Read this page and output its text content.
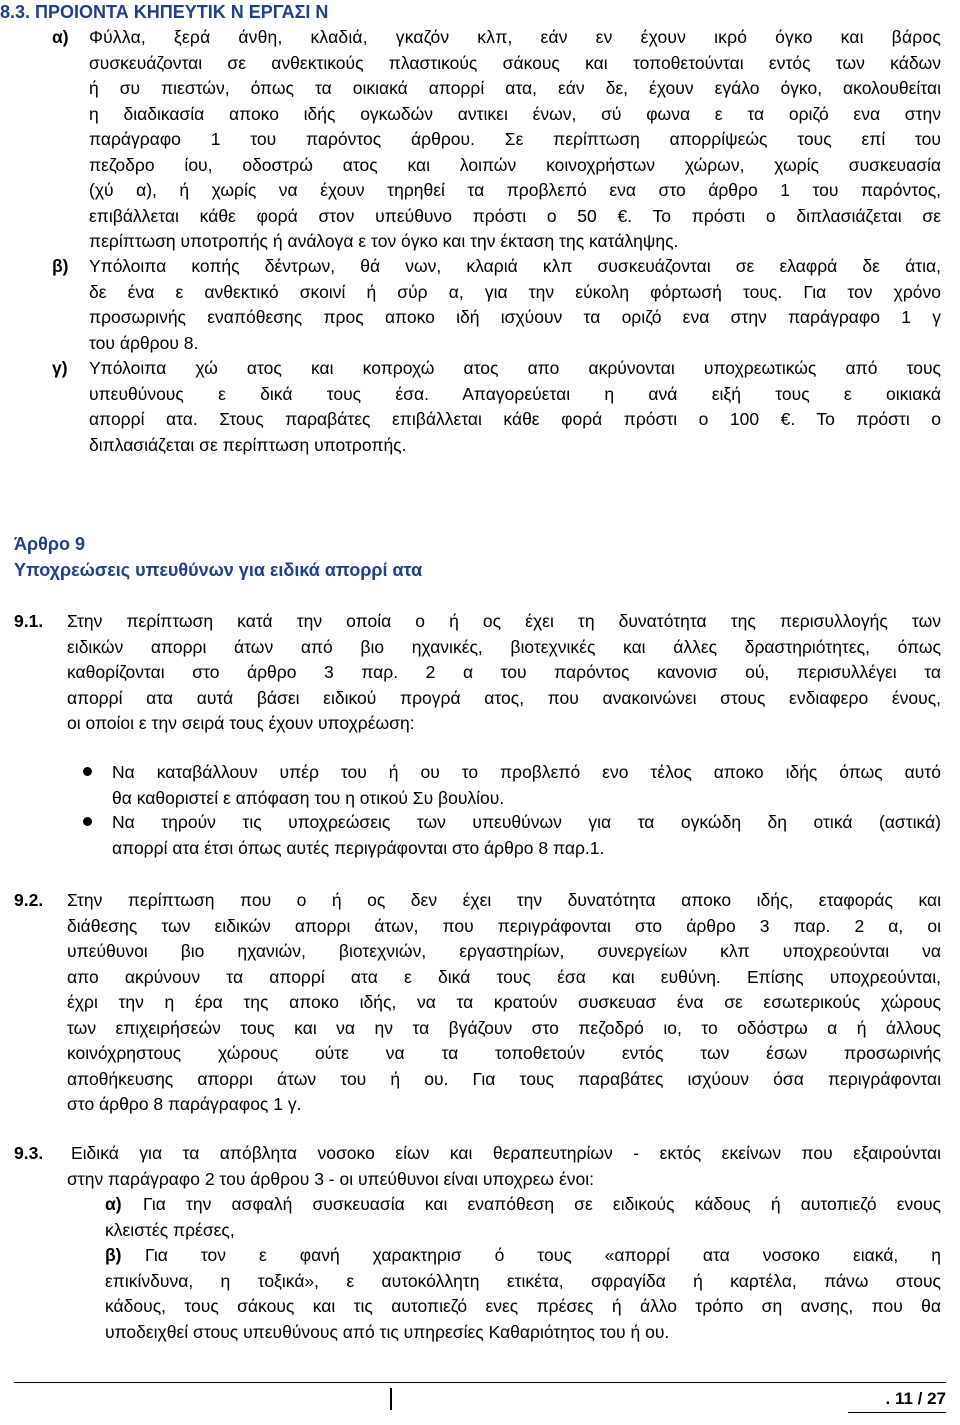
8.3. ΠΡΟΙΟΝΤΑ ΚΗΠΕΥΤΙΚ Ν ΕΡΓΑΣΙ Ν
α) Φύλλα, ξερά άνθη, κλαδιά, γκαζόν κλπ, εάν εν έχουν ικρό όγκο και βάρος
συσκευάζονται σε ανθεκτικούς πλαστικούς σάκους και τοποθετούνται εντός των κάδων
ή συ πιεστών, όπως τα οικιακά απορρί ατα, εάν δε, έχουν εγάλο όγκο, ακολουθείται
η διαδικασία αποκο ιδής ογκωδών αντικει ένων, σύ φωνα ε τα οριζό ενα στην
παράγραφο 1 του παρόντος άρθρου. Σε περίπτωση απορρίψεώς τους επί του
πεζοδρο ίου, οδοστρώ ατος και λοιπών κοινοχρήστων χώρων, χωρίς συσκευασία
(χύ α), ή χωρίς να έχουν τηρηθεί τα προβλεπό ενα στο άρθρο 1 του παρόντος,
επιβάλλεται κάθε φορά στον υπεύθυνο πρόστι ο 50 €. Το πρόστι ο διπλασιάζεται σε
περίπτωση υποτροπής ή ανάλογα ε τον όγκο και την έκταση της κατάληψης.
β) Υπόλοιπα κοπής δέντρων, θά νων, κλαριά κλπ συσκευάζονται σε ελαφρά δε άτια,
δε ένα ε ανθεκτικό σκοινί ή σύρ α, για την εύκολη φόρτωσή τους. Για τον χρόνο
προσωρινής εναπόθεσης προς αποκο ιδή ισχύουν τα οριζό ενα στην παράγραφο 1 γ
του άρθρου 8.
γ) Υπόλοιπα χώ ατος και κοπροχώ ατος απο ακρύνονται υποχρεωτικώς από τους
υπευθύνους ε δικά τους έσα. Απαγορεύεται η ανά ειξή τους ε οικιακά
απορρί ατα. Στους παραβάτες επιβάλλεται κάθε φορά πρόστι ο 100 €. Το πρόστι ο
διπλασιάζεται σε περίπτωση υποτροπής.
Άρθρο 9
Υποχρεώσεις υπευθύνων για ειδικά απορρί ατα
9.1. Στην περίπτωση κατά την οποία ο ή ος έχει τη δυνατότητα της περισυλλογής των
ειδικών απορρι άτων από βιο ηχανικές, βιοτεχνικές και άλλες δραστηριότητες, όπως
καθορίζονται στο άρθρο 3 παρ. 2 α του παρόντος κανονισ ού, περισυλλέγει τα
απορρί ατα αυτά βάσει ειδικού προγρά ατος, που ανακοινώνει στους ενδιαφερο ένους,
οι οποίοι ε την σειρά τους έχουν υποχρέωση:
Να καταβάλλουν υπέρ του ή ου το προβλεπό ενο τέλος αποκο ιδής όπως αυτό
θα καθοριστεί ε απόφαση του η οτικού Συ βουλίου.
Να τηρούν τις υποχρεώσεις των υπευθύνων για τα ογκώδη δη οτικά (αστικά)
απορρί ατα έτσι όπως αυτές περιγράφονται στο άρθρο 8 παρ.1.
9.2. Στην περίπτωση που ο ή ος δεν έχει την δυνατότητα αποκο ιδής, εταφοράς και
διάθεσης των ειδικών απορρι άτων, που περιγράφονται στο άρθρο 3 παρ. 2 α, οι
υπεύθυνοι βιο ηχανιών, βιοτεχνιών, εργαστηρίων, συνεργείων κλπ υποχρεούνται να
απο ακρύνουν τα απορρί ατα ε δικά τους έσα και ευθύνη. Επίσης υποχρεούνται,
έχρι την η έρα της αποκο ιδής, να τα κρατούν συσκευασ ένα σε εσωτερικούς χώρους
των επιχειρήσεών τους και να ην τα βγάζουν στο πεζοδρό ιο, το οδόστρω α ή άλλους
κοινόχρηστους χώρους ούτε να τα τοποθετούν εντός των έσων προσωρινής
αποθήκευσης απορρι άτων του ή ου. Για τους παραβάτες ισχύουν όσα περιγράφονται
στο άρθρο 8 παράγραφος 1 γ.
9.3. Ειδικά για τα απόβλητα νοσοκο είων και θεραπευτηρίων - εκτός εκείνων που εξαιρούνται
στην παράγραφο 2 του άρθρου 3 - οι υπεύθυνοι είναι υποχρεω ένοι:
α)	Για την ασφαλή συσκευασία και εναπόθεση σε ειδικούς κάδους ή αυτοπιεζό ενους
κλειστές πρέσες,
β)	Για τον ε φανή χαρακτηρισ ό τους «απορρί ατα νοσοκο ειακά, η
επικίνδυνα, η τοξικά», ε αυτοκόλλητη ετικέτα, σφραγίδα ή καρτέλα, πάνω στους
κάδους, τους σάκους και τις αυτοπιεζό ενες πρέσες ή άλλο τρόπο ση ανσης, που θα
υποδειχθεί στους υπευθύνους από τις υπηρεσίες Καθαριότητος του ή ου.
. 11 / 27
